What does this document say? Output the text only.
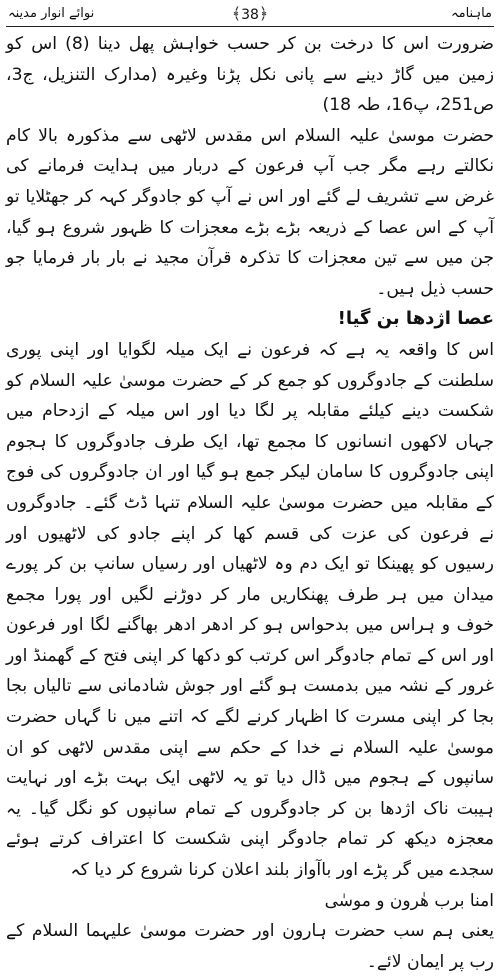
ماہنامہ
﴾38﴿
نوائے انوار مدینہ

ضرورت اس کا درخت بن کر حسب خواہش پھل دینا (8) اس کو زمین میں گاڑ دینے سے پانی نکل پڑنا وغیرہ (مدارک التنزیل، ج3، ص251، پ16، طہ 18)

حضرت موسیٰ علیہ السلام اس مقدس لاٹھی سے مذکورہ بالا کام نکالتے رہے مگر جب آپ فرعون کے دربار میں ہدایت فرمانے کی غرض سے تشریف لے گئے اور اس نے آپ کو جادوگر کہہ کر جھٹلایا تو آپ کے اس عصا کے ذریعہ بڑے بڑے معجزات کا ظہور شروع ہو گیا، جن میں سے تین معجزات کا تذکرہ قرآن مجید نے بار بار فرمایا جو حسب ذیل ہیں۔

عصا اژدھا بن گیا!

اس کا واقعہ یہ ہے کہ فرعون نے ایک میلہ لگوایا اور اپنی پوری سلطنت کے جادوگروں کو جمع کر کے حضرت موسیٰ علیہ السلام کو شکست دینے کیلئے مقابلہ پر لگا دیا اور اس میلہ کے ازدحام میں جہاں لاکھوں انسانوں کا مجمع تھا، ایک طرف جادوگروں کا ہجوم اپنی جادوگروں کا سامان لیکر جمع ہو گیا اور ان جادوگروں کی فوج کے مقابلہ میں حضرت موسیٰ علیہ السلام تنہا ڈٹ گئے۔ جادوگروں نے فرعون کی عزت کی قسم کھا کر اپنے جادو کی لاٹھیوں اور رسیوں کو پھینکا تو ایک دم وہ لاٹھیاں اور رسیاں سانپ بن کر پورے میدان میں ہر طرف پھنکاریں مار کر دوڑنے لگیں اور پورا مجمع خوف و ہراس میں بدحواس ہو کر ادھر ادھر بھاگنے لگا اور فرعون اور اس کے تمام جادوگر اس کرتب کو دکھا کر اپنی فتح کے گھمنڈ اور غرور کے نشہ میں بدمست ہو گئے اور جوش شادمانی سے تالیاں بجا بجا کر اپنی مسرت کا اظہار کرنے لگے کہ اتنے میں نا گہاں حضرت موسیٰ علیہ السلام نے خدا کے حکم سے اپنی مقدس لاٹھی کو ان سانپوں کے ہجوم میں ڈال دیا تو یہ لاٹھی ایک بہت بڑے اور نہایت ہیبت ناک اژدھا بن کر جادوگروں کے تمام سانپوں کو نگل گیا۔ یہ معجزہ دیکھ کر تمام جادوگر اپنی شکست کا اعتراف کرتے ہوئے سجدے میں گر پڑے اور باآواز بلند اعلان کرنا شروع کر دیا کہ

امنا برب ھٰرون و موسٰی

یعنی ہم سب حضرت ہارون اور حضرت موسیٰ علیہما السلام کے رب پر ایمان لائے۔
